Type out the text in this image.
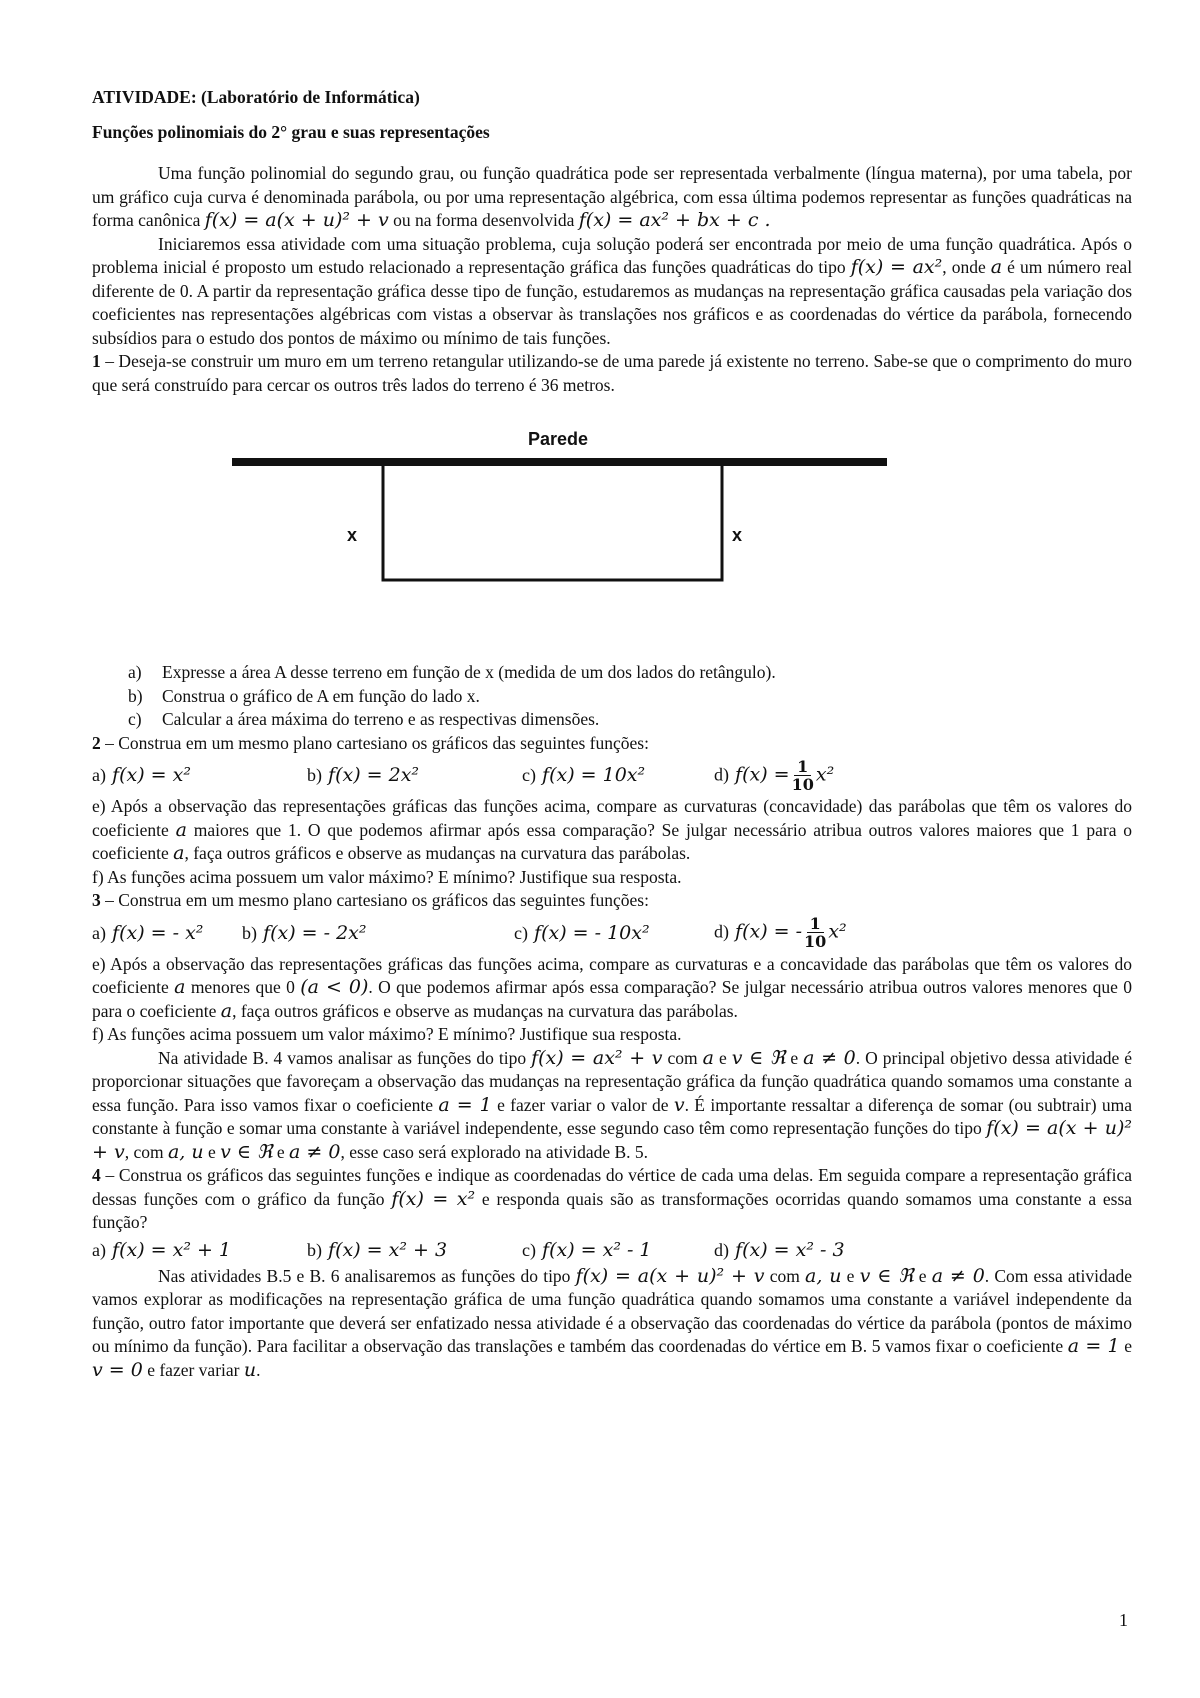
ATIVIDADE: (Laboratório de Informática)

Funções polinomiais do 2° grau e suas representações

Uma função polinomial do segundo grau, ou função quadrática pode ser representada verbalmente (língua materna), por uma tabela, por um gráfico cuja curva é denominada parábola, ou por uma representação algébrica, com essa última podemos representar as funções quadráticas na forma canônica f(x) = a(x + u)² + v ou na forma desenvolvida f(x) = ax² + bx + c .

Iniciaremos essa atividade com uma situação problema, cuja solução poderá ser encontrada por meio de uma função quadrática. Após o problema inicial é proposto um estudo relacionado a representação gráfica das funções quadráticas do tipo f(x) = ax², onde a é um número real diferente de 0. A partir da representação gráfica desse tipo de função, estudaremos as mudanças na representação gráfica causadas pela variação dos coeficientes nas representações algébricas com vistas a observar às translações nos gráficos e as coordenadas do vértice da parábola, fornecendo subsídios para o estudo dos pontos de máximo ou mínimo de tais funções.

1 – Deseja-se construir um muro em um terreno retangular utilizando-se de uma parede já existente no terreno. Sabe-se que o comprimento do muro que será construído para cercar os outros três lados do terreno é 36 metros.

Parede
x	x
a) Expresse a área A desse terreno em função de x (medida de um dos lados do retângulo).
b) Construa o gráfico de A em função do lado x.
c) Calcular a área máxima do terreno e as respectivas dimensões.

2 – Construa em um mesmo plano cartesiano os gráficos das seguintes funções:

a) f(x) = x²	b) f(x) = 2x²	c) f(x) = 10x²	d) $f(x) = \frac{1}{10} x^2$

e) Após a observação das representações gráficas das funções acima, compare as curvaturas (concavidade) das parábolas que têm os valores do coeficiente a maiores que 1. O que podemos afirmar após essa comparação? Se julgar necessário atribua outros valores maiores que 1 para o coeficiente a, faça outros gráficos e observe as mudanças na curvatura das parábolas.

f) As funções acima possuem um valor máximo? E mínimo? Justifique sua resposta.

3 – Construa em um mesmo plano cartesiano os gráficos das seguintes funções:

a) f(x) = - x²	b) f(x) = - 2x²	c) f(x) = - 10x²	d) f(x) = - $\frac{1}{10} x^2$

e) Após a observação das representações gráficas das funções acima, compare as curvaturas e a concavidade das parábolas que têm os valores do coeficiente a menores que 0 (a < 0). O que podemos afirmar após essa comparação? Se julgar necessário atribua outros valores menores que 0 para o coeficiente a, faça outros gráficos e observe as mudanças na curvatura das parábolas.

f) As funções acima possuem um valor máximo? E mínimo? Justifique sua resposta.

Na atividade B. 4 vamos analisar as funções do tipo f(x) = ax² + v com a e v ∈ ℜ e a ≠ 0. O principal objetivo dessa atividade é proporcionar situações que favoreçam a observação das mudanças na representação gráfica da função quadrática quando somamos uma constante a essa função. Para isso vamos fixar o coeficiente a = 1 e fazer variar o valor de v. É importante ressaltar a diferença de somar (ou subtrair) uma constante à função e somar uma constante à variável independente, esse segundo caso têm como representação funções do tipo f(x) = a(x + u)² + v, com a, u e v ∈ ℜ e a ≠ 0, esse caso será explorado na atividade B. 5.

4 – Construa os gráficos das seguintes funções e indique as coordenadas do vértice de cada uma delas. Em seguida compare a representação gráfica dessas funções com o gráfico da função f(x) = x² e responda quais são as transformações ocorridas quando somamos uma constante a essa função?

a) f(x) = x² + 1	b) f(x) = x² + 3	c) f(x) = x² - 1	d) f(x) = x² - 3

Nas atividades B.5 e B. 6 analisaremos as funções do tipo f(x) = a(x + u)² + v com a, u e v ∈ ℜ e a ≠ 0. Com essa atividade vamos explorar as modificações na representação gráfica de uma função quadrática quando somamos uma constante a variável independente da função, outro fator importante que deverá ser enfatizado nessa atividade é a observação das coordenadas do vértice da parábola (pontos de máximo ou mínimo da função). Para facilitar a observação das translações e também das coordenadas do vértice em B. 5 vamos fixar o coeficiente a = 1 e v = 0 e fazer variar u.

1
